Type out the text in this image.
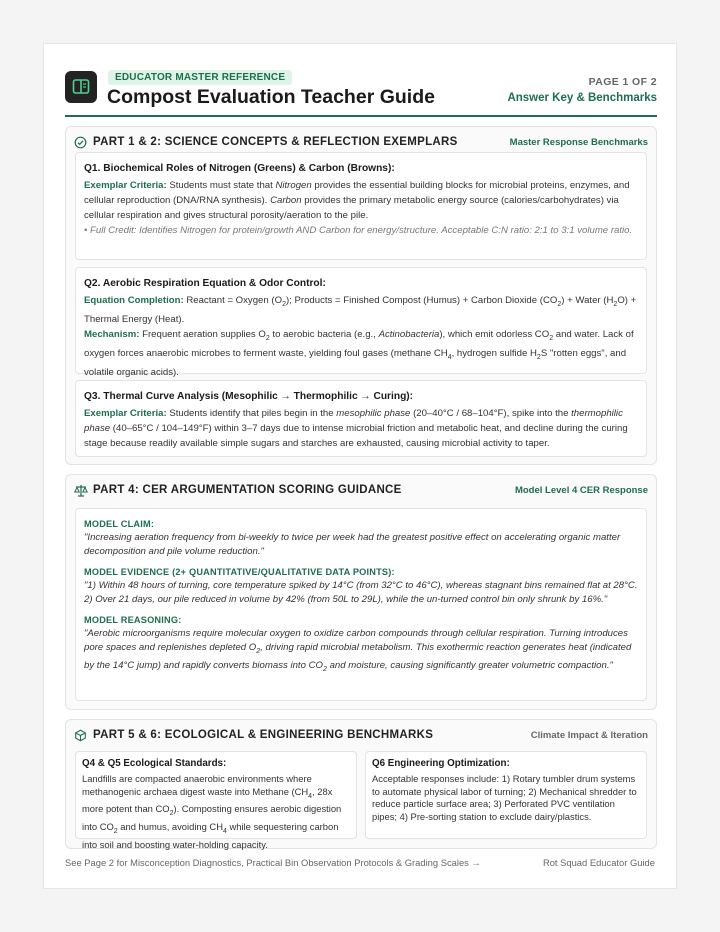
EDUCATOR MASTER REFERENCE
Compost Evaluation Teacher Guide
PAGE 1 OF 2
Answer Key & Benchmarks
PART 1 & 2: SCIENCE CONCEPTS & REFLECTION EXEMPLARS	Master Response Benchmarks
Q1. Biochemical Roles of Nitrogen (Greens) & Carbon (Browns):
Exemplar Criteria: Students must state that Nitrogen provides the essential building blocks for microbial proteins, enzymes, and cellular reproduction (DNA/RNA synthesis). Carbon provides the primary metabolic energy source (calories/carbohydrates) via cellular respiration and gives structural porosity/aeration to the pile.
• Full Credit: Identifies Nitrogen for protein/growth AND Carbon for energy/structure. Acceptable C:N ratio: 2:1 to 3:1 volume ratio.
Q2. Aerobic Respiration Equation & Odor Control:
Equation Completion: Reactant = Oxygen $(O_2)$; Products = Finished Compost (Humus) + Carbon Dioxide $(CO_2)$ + Water $(H_2O)$ + Thermal Energy (Heat).
Mechanism: Frequent aeration supplies $O_2$ to aerobic bacteria (e.g., Actinobacteria), which emit odorless $CO_2$ and water. Lack of oxygen forces anaerobic microbes to ferment waste, yielding foul gases (methane $CH_4$, hydrogen sulfide $H_2S$ "rotten eggs", and volatile organic acids).
Q3. Thermal Curve Analysis (Mesophilic → Thermophilic → Curing):
Exemplar Criteria: Students identify that piles begin in the mesophilic phase (20–40°C / 68–104°F), spike into the thermophilic phase (40–65°C / 104–149°F) within 3–7 days due to intense microbial friction and metabolic heat, and decline during the curing stage because readily available simple sugars and starches are exhausted, causing microbial activity to taper.
PART 4: CER ARGUMENTATION SCORING GUIDANCE	Model Level 4 CER Response
MODEL CLAIM:
"Increasing aeration frequency from bi-weekly to twice per week had the greatest positive effect on accelerating organic matter decomposition and pile volume reduction."
MODEL EVIDENCE (2+ QUANTITATIVE/QUALITATIVE DATA POINTS):
"1) Within 48 hours of turning, core temperature spiked by 14°C (from 32°C to 46°C), whereas stagnant bins remained flat at 28°C. 2) Over 21 days, our pile reduced in volume by 42% (from 50L to 29L), while the un-turned control bin only shrunk by 16%."
MODEL REASONING:
"Aerobic microorganisms require molecular oxygen to oxidize carbon compounds through cellular respiration. Turning introduces pore spaces and replenishes depleted $O_2$, driving rapid microbial metabolism. This exothermic reaction generates heat (indicated by the 14°C jump) and rapidly converts biomass into $CO_2$ and moisture, causing significantly greater volumetric compaction."
PART 5 & 6: ECOLOGICAL & ENGINEERING BENCHMARKS	Climate Impact & Iteration
Q4 & Q5 Ecological Standards:
Landfills are compacted anaerobic environments where methanogenic archaea digest waste into Methane ($CH_4$, 28x more potent than $CO_2$). Composting ensures aerobic digestion into $CO_2$ and humus, avoiding $CH_4$ while sequestering carbon into soil and boosting water-holding capacity.
Q6 Engineering Optimization:
Acceptable responses include: 1) Rotary tumbler drum systems to automate physical labor of turning; 2) Mechanical shredder to reduce particle surface area; 3) Perforated PVC ventilation pipes; 4) Pre-sorting station to exclude dairy/plastics.
See Page 2 for Misconception Diagnostics, Practical Bin Observation Protocols & Grading Scales →	Rot Squad Educator Guide
